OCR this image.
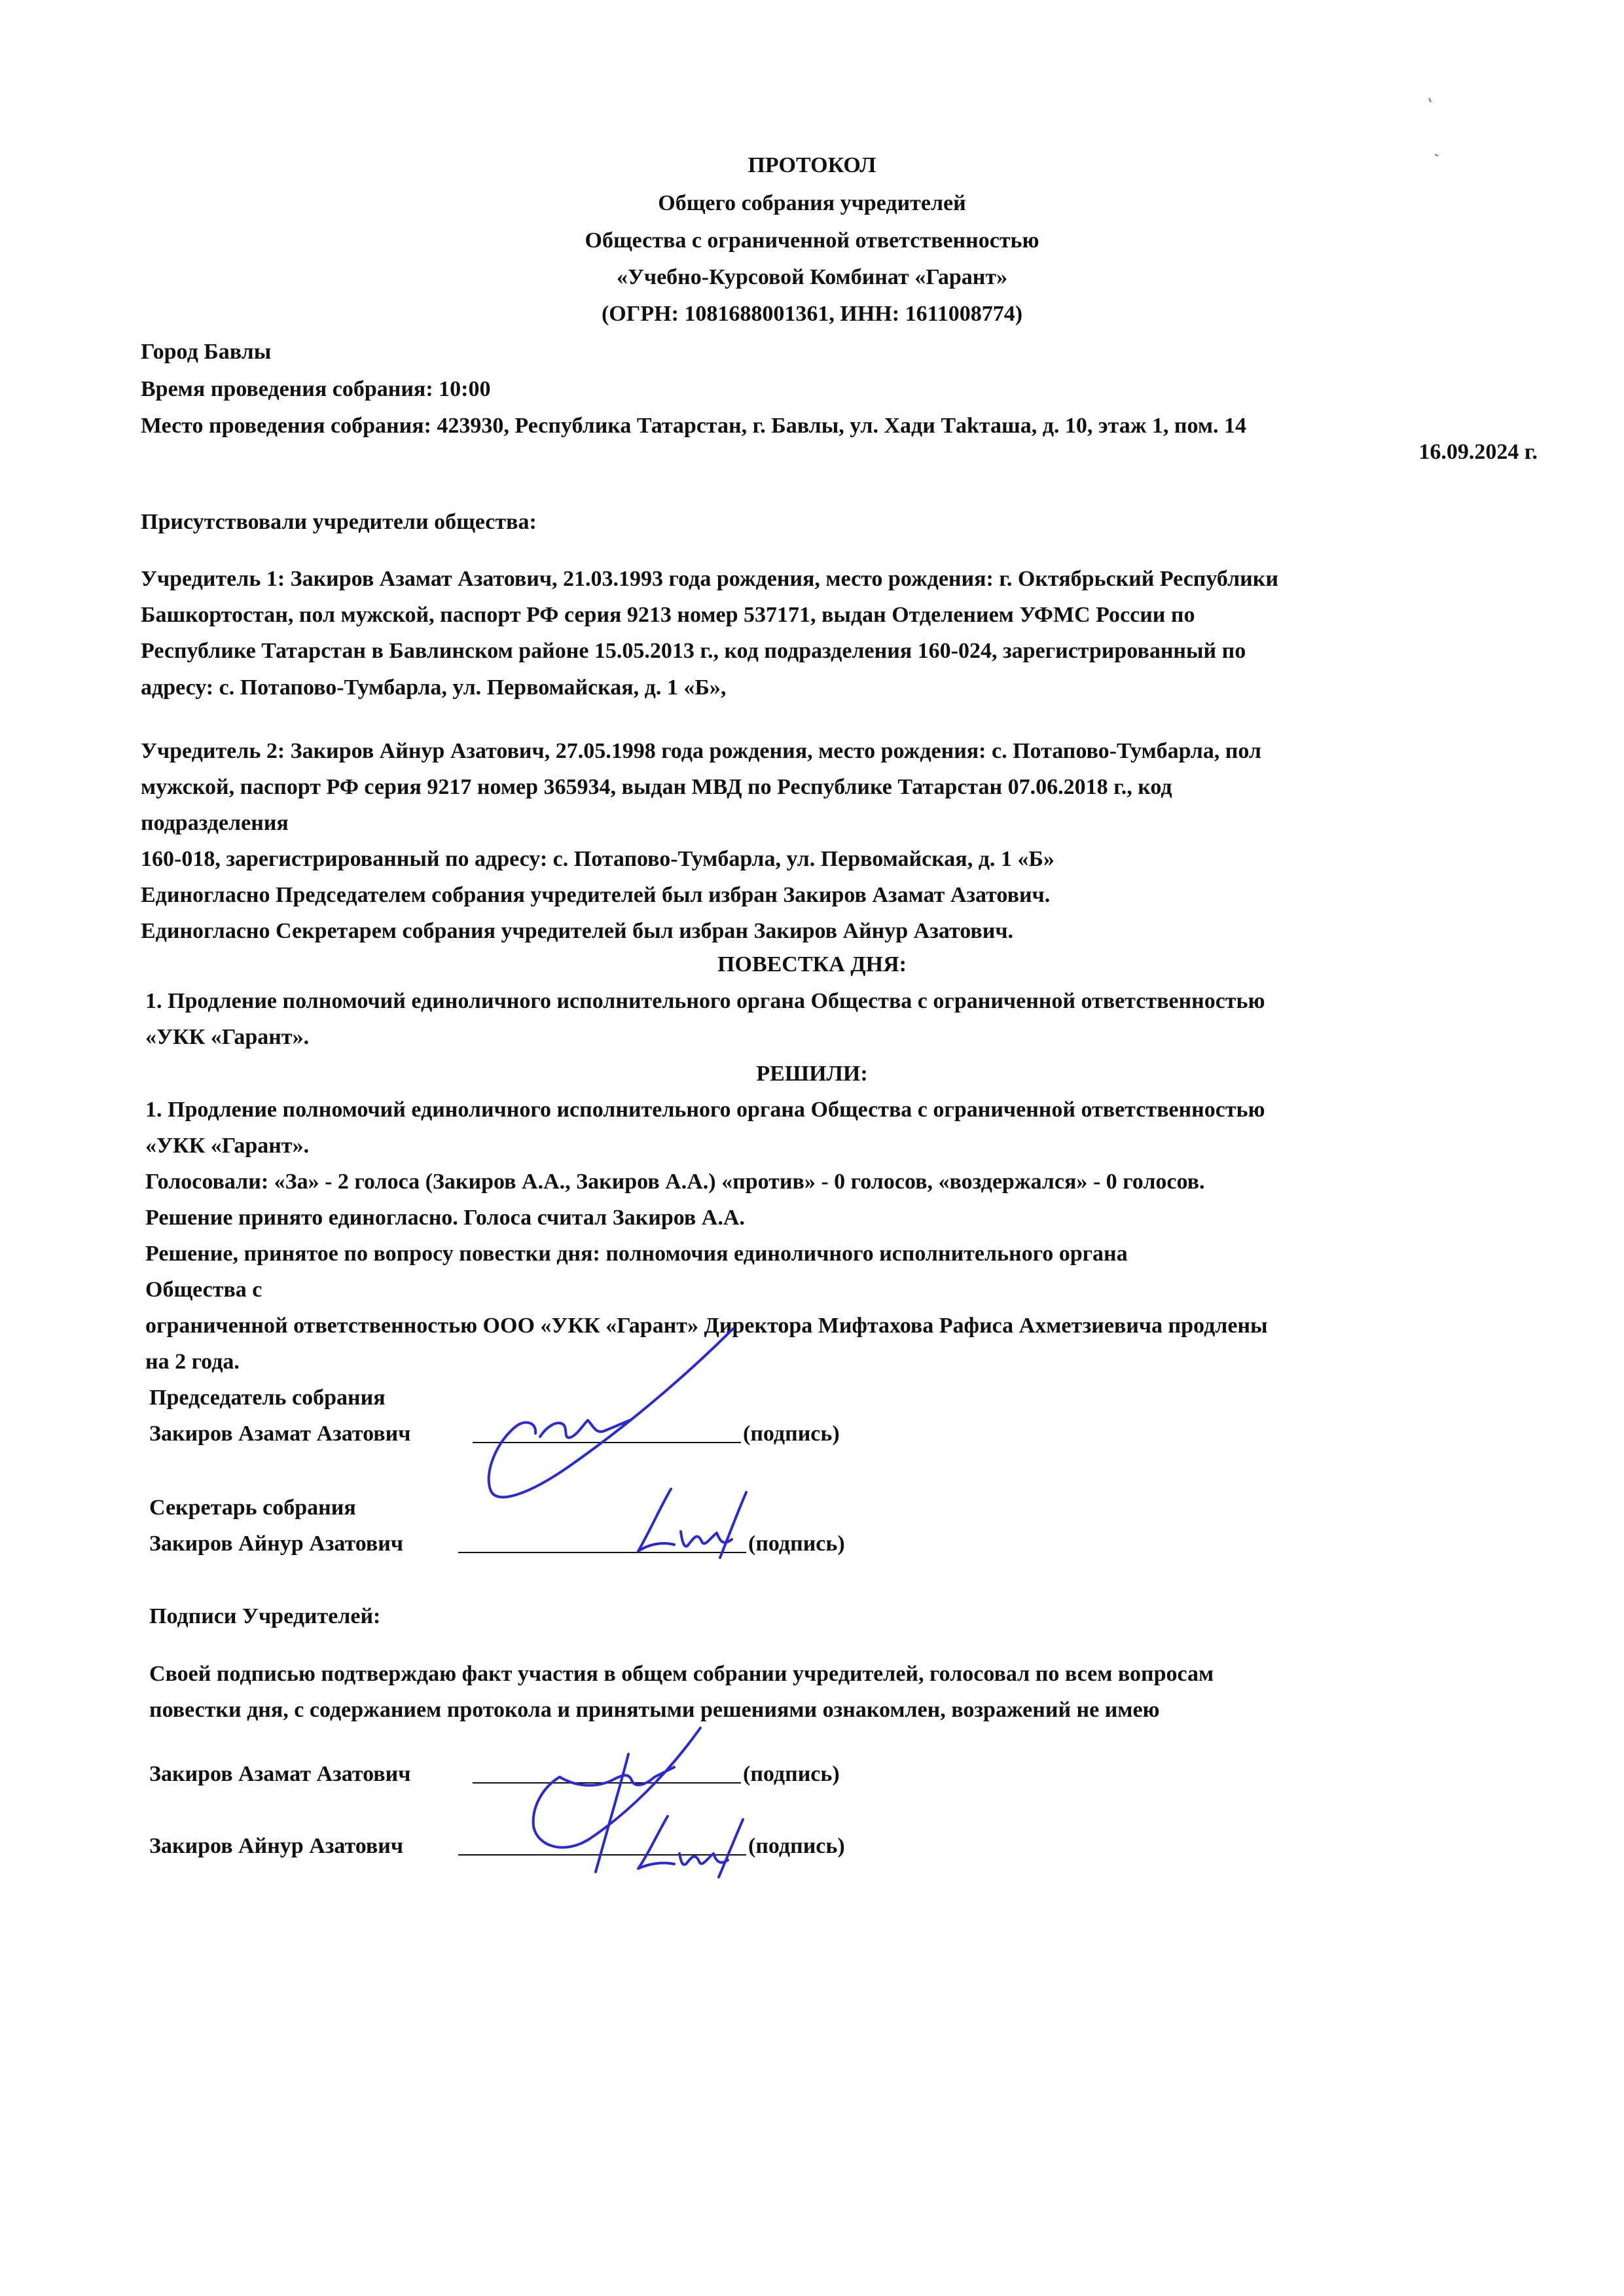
ПРОТОКОЛ

Общего собрания учредителей

Общества с ограниченной ответственностью

«Учебно-Курсовой Комбинат «Гарант»

(ОГРН: 1081688001361, ИНН: 1611008774)

Город Бавлы

Время проведения собрания: 10:00

Место проведения собрания: 423930, Республика Татарстан, г. Бавлы, ул. Хади Тakташа, д. 10, этаж 1, пом. 14

16.09.2024 г.

Присутствовали учредители общества:

Учредитель 1: Закиров Азамат Азатович, 21.03.1993 года рождения, место рождения: г. Октябрьский Республики

Башкортостан, пол мужской, паспорт РФ серия 9213 номер 537171, выдан Отделением УФМС России по

Республике Татарстан в Бавлинском районе 15.05.2013 г., код подразделения 160-024, зарегистрированный по

адресу: с. Потапово-Тумбарла, ул. Первомайская, д. 1 «Б»,

Учредитель 2: Закиров Айнур Азатович, 27.05.1998 года рождения, место рождения: с. Потапово-Тумбарла, пол

мужской, паспорт РФ серия 9217 номер 365934, выдан МВД по Республике Татарстан 07.06.2018 г., код

подразделения

160-018, зарегистрированный по адресу: с. Потапово-Тумбарла, ул. Первомайская, д. 1 «Б»

Единогласно Председателем собрания учредителей был избран Закиров Азамат Азатович.

Единогласно Секретарем собрания учредителей был избран Закиров Айнур Азатович.

ПОВЕСТКА ДНЯ:

1. Продление полномочий единоличного исполнительного органа Общества с ограниченной ответственностью

«УКК «Гарант».

РЕШИЛИ:

1. Продление полномочий единоличного исполнительного органа Общества с ограниченной ответственностью

«УКК «Гарант».

Голосовали: «За» - 2 голоса (Закиров А.А., Закиров А.А.) «против» - 0 голосов, «воздержался» - 0 голосов.

Решение принято единогласно. Голоса считал Закиров А.А.

Решение, принятое по вопросу повестки дня: полномочия единоличного исполнительного органа

Общества с

ограниченной ответственностью ООО «УКК «Гарант» Директора Мифтахова Рафиса Ахметзиевича продлены

на 2 года.

Председатель собрания

Закиров Азамат Азатович	(подпись)

Секретарь собрания

Закиров Айнур Азатович	(подпись)

Подписи Учредителей:

Своей подписью подтверждаю факт участия в общем собрании учредителей, голосовал по всем вопросам

повестки дня, с содержанием протокола и принятыми решениями ознакомлен, возражений не имею

Закиров Азамат Азатович	(подпись)

Закиров Айнур Азатович	(подпись)
